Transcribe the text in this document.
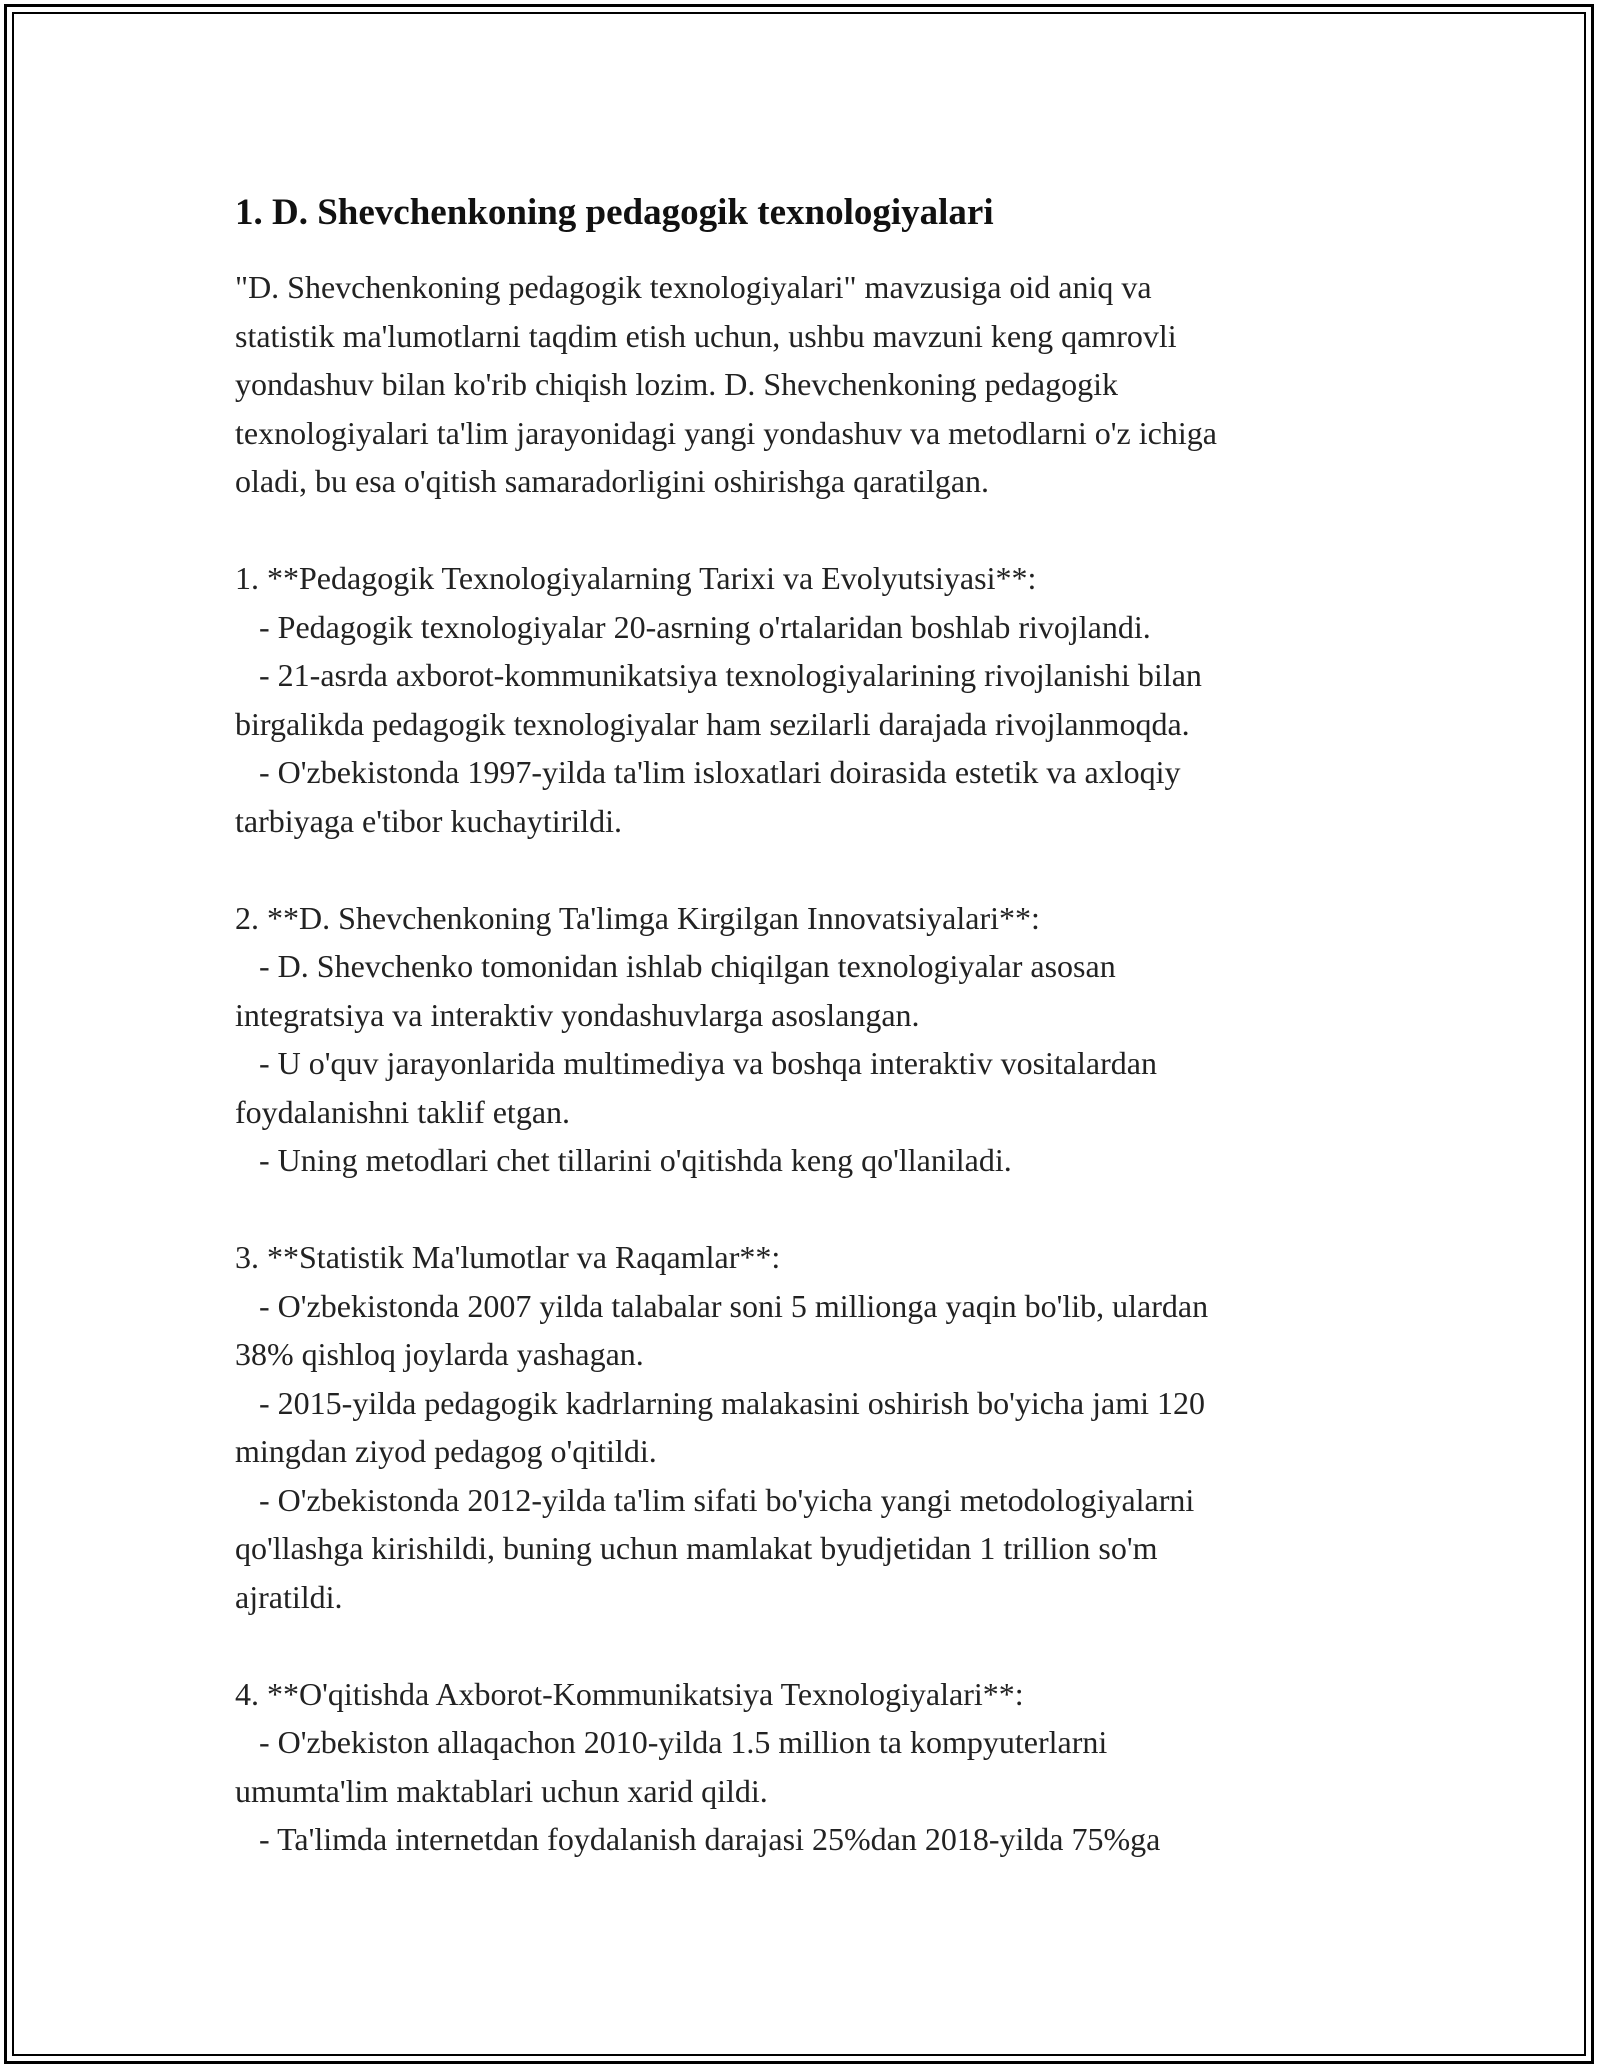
1. D. Shevchenkoning pedagogik texnologiyalari
"D. Shevchenkoning pedagogik texnologiyalari" mavzusiga oid aniq va
statistik ma'lumotlarni taqdim etish uchun, ushbu mavzuni keng qamrovli
yondashuv bilan ko'rib chiqish lozim. D. Shevchenkoning pedagogik
texnologiyalari ta'lim jarayonidagi yangi yondashuv va metodlarni o'z ichiga
oladi, bu esa o'qitish samaradorligini oshirishga qaratilgan.
1. **Pedagogik Texnologiyalarning Tarixi va Evolyutsiyasi**:
- Pedagogik texnologiyalar 20-asrning o'rtalaridan boshlab rivojlandi.
- 21-asrda axborot-kommunikatsiya texnologiyalarining rivojlanishi bilan
birgalikda pedagogik texnologiyalar ham sezilarli darajada rivojlanmoqda.
- O'zbekistonda 1997-yilda ta'lim isloxatlari doirasida estetik va axloqiy
tarbiyaga e'tibor kuchaytirildi.
2. **D. Shevchenkoning Ta'limga Kirgilgan Innovatsiyalari**:
- D. Shevchenko tomonidan ishlab chiqilgan texnologiyalar asosan
integratsiya va interaktiv yondashuvlarga asoslangan.
- U o'quv jarayonlarida multimediya va boshqa interaktiv vositalardan
foydalanishni taklif etgan.
- Uning metodlari chet tillarini o'qitishda keng qo'llaniladi.
3. **Statistik Ma'lumotlar va Raqamlar**:
- O'zbekistonda 2007 yilda talabalar soni 5 millionga yaqin bo'lib, ulardan
38% qishloq joylarda yashagan.
- 2015-yilda pedagogik kadrlarning malakasini oshirish bo'yicha jami 120
mingdan ziyod pedagog o'qitildi.
- O'zbekistonda 2012-yilda ta'lim sifati bo'yicha yangi metodologiyalarni
qo'llashga kirishildi, buning uchun mamlakat byudjetidan 1 trillion so'm
ajratildi.
4. **O'qitishda Axborot-Kommunikatsiya Texnologiyalari**:
- O'zbekiston allaqachon 2010-yilda 1.5 million ta kompyuterlarni
umumta'lim maktablari uchun xarid qildi.
- Ta'limda internetdan foydalanish darajasi 25%dan 2018-yilda 75%ga
